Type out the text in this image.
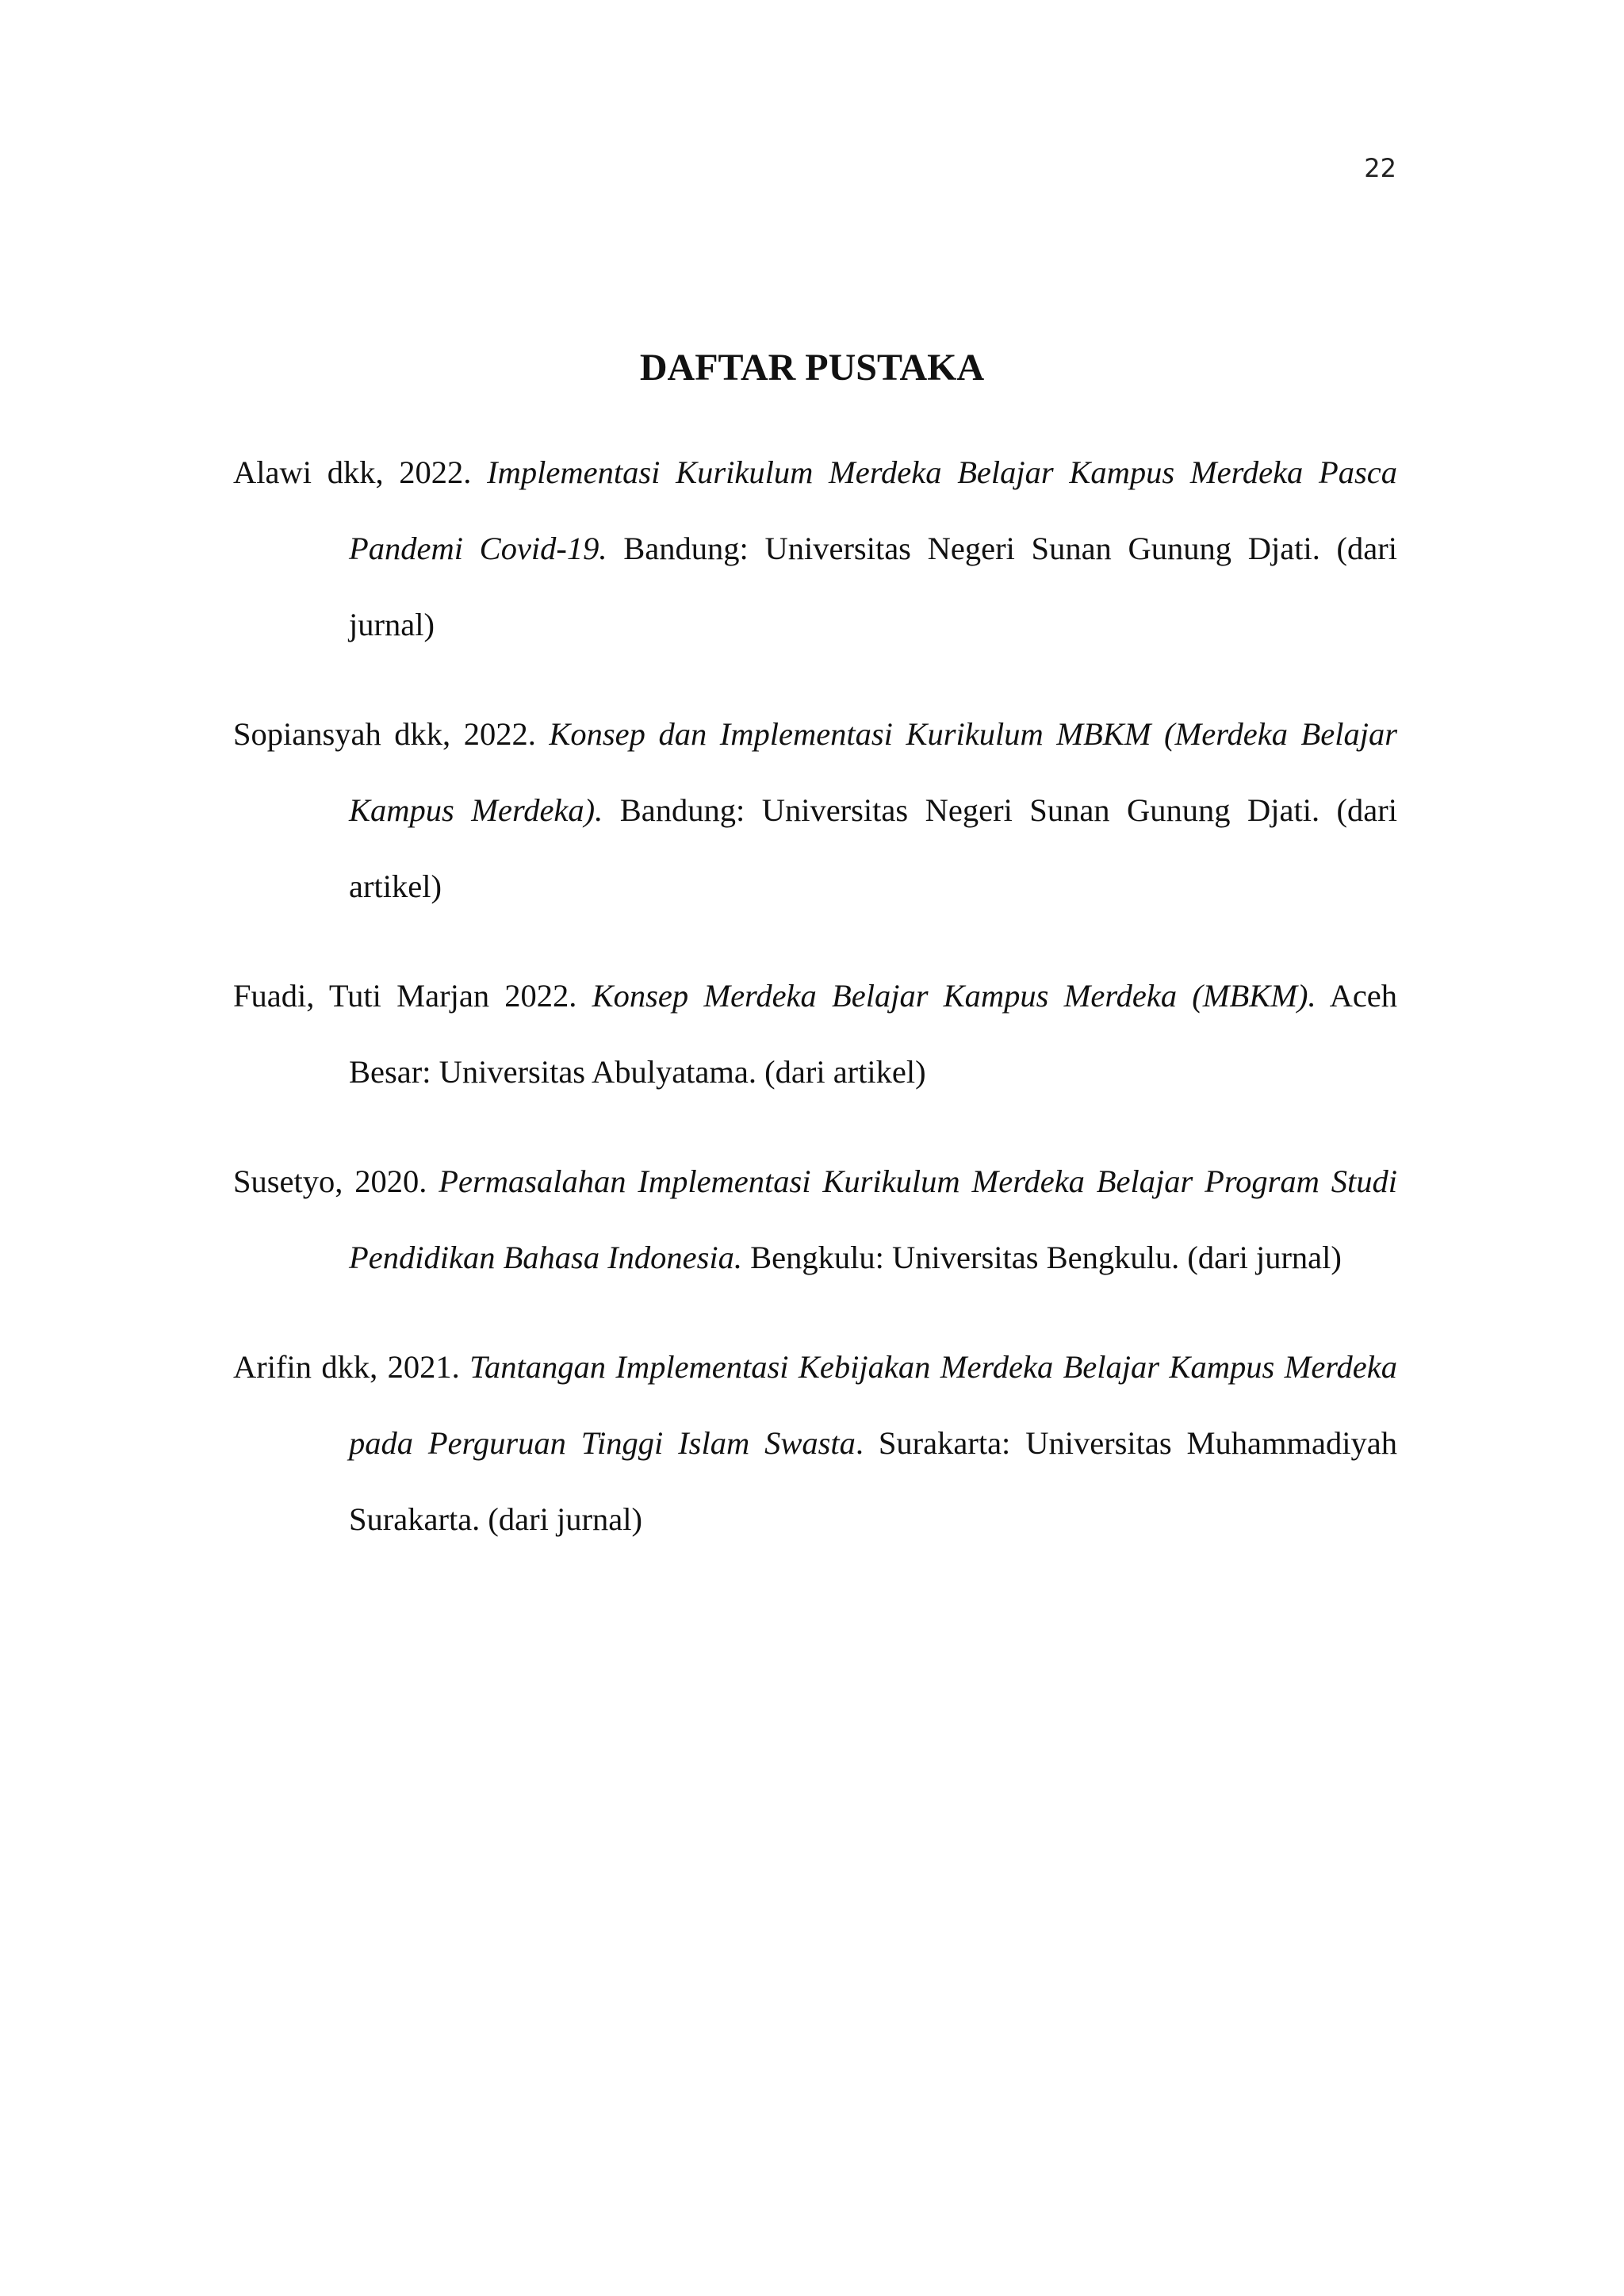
22
DAFTAR PUSTAKA

Alawi dkk, 2022. Implementasi Kurikulum Merdeka Belajar Kampus Merdeka Pasca Pandemi Covid-19. Bandung: Universitas Negeri Sunan Gunung Djati. (dari jurnal)

Sopiansyah dkk, 2022. Konsep dan Implementasi Kurikulum MBKM (Merdeka Belajar Kampus Merdeka). Bandung: Universitas Negeri Sunan Gunung Djati. (dari artikel)

Fuadi, Tuti Marjan 2022. Konsep Merdeka Belajar Kampus Merdeka (MBKM). Aceh Besar: Universitas Abulyatama. (dari artikel)

Susetyo, 2020. Permasalahan Implementasi Kurikulum Merdeka Belajar Program Studi Pendidikan Bahasa Indonesia. Bengkulu: Universitas Bengkulu. (dari jurnal)

Arifin dkk, 2021. Tantangan Implementasi Kebijakan Merdeka Belajar Kampus Merdeka pada Perguruan Tinggi Islam Swasta. Surakarta: Universitas Muhammadiyah Surakarta. (dari jurnal)
